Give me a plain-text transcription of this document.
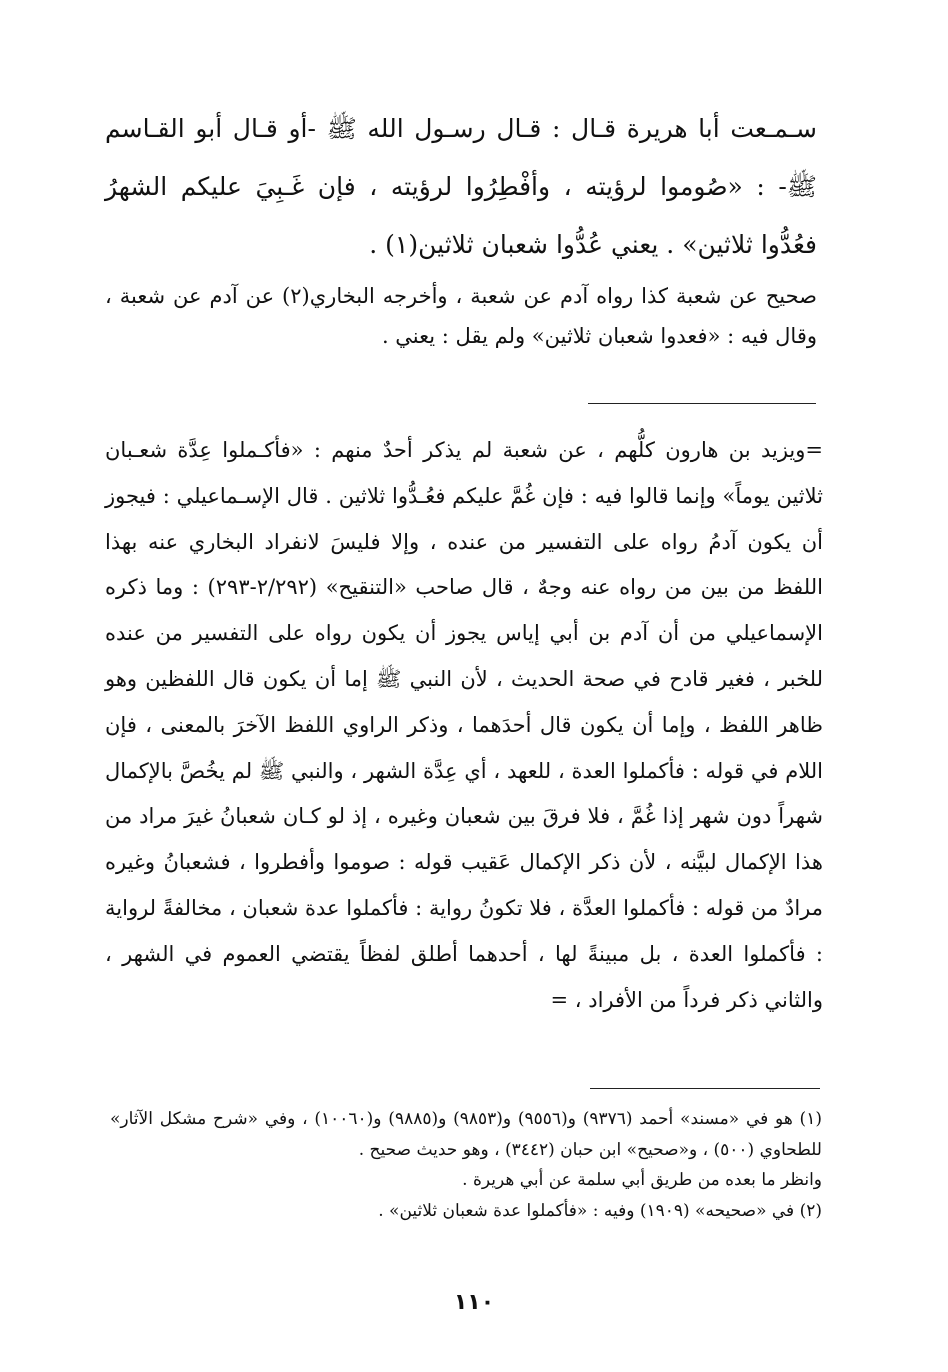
سـمـعت أبا هريرة قـال : قـال رسـول الله ﷺ -أو قـال أبو القـاسم ﷺ- : «صُوموا لرؤيته ، وأفْطِرُوا لرؤيته ، فإن غَـبِيَ عليكم الشهرُ فعُدُّوا ثلاثين» . يعني عُدُّوا شعبان ثلاثين(١) .

صحيح عن شعبة كذا رواه آدم عن شعبة ، وأخرجه البخاري(٢) عن آدم عن شعبة ، وقال فيه : «فعدوا شعبان ثلاثين» ولم يقل : يعني .

=ويزيد بن هارون كلُّهم ، عن شعبة لم يذكر أحدٌ منهم : «فأكـملوا عِدَّة شعـبان ثلاثين يوماً» وإنما قالوا فيه : فإن غُمَّ عليكم فعُـدُّوا ثلاثين . قال الإسـماعيلي : فيجوز أن يكون آدمُ رواه على التفسير من عنده ، وإلا فليسَ لانفراد البخاري عنه بهذا اللفظ من بين من رواه عنه وجهٌ ، قال صاحب «التنقيح» (٢/٢٩٢-٢٩٣) : وما ذكره الإسماعيلي من أن آدم بن أبي إياس يجوز أن يكون رواه على التفسير من عنده للخبر ، فغير قادح في صحة الحديث ، لأن النبي ﷺ إما أن يكون قال اللفظين وهو ظاهر اللفظ ، وإما أن يكون قال أحدَهما ، وذكر الراوي اللفظ الآخرَ بالمعنى ، فإن اللام في قوله : فأكملوا العدة ، للعهد ، أي عِدَّة الشهر ، والنبي ﷺ لم يخُصَّ بالإكمال شهراً دون شهر إذا غُمَّ ، فلا فرقَ بين شعبان وغيره ، إذ لو كـان شعبانُ غيرَ مراد من هذا الإكمال لبيَّنه ، لأن ذكر الإكمال عَقيب قوله : صوموا وأفطروا ، فشعبانُ وغيره مرادٌ من قوله : فأكملوا العدَّة ، فلا تكونُ رواية : فأكملوا عدة شعبان ، مخالفةً لرواية : فأكملوا العدة ، بل مبينةً لها ، أحدهما أطلق لفظاً يقتضي العموم في الشهر ، والثاني ذكر فرداً من الأفراد ، =

(١) هو في «مسند» أحمد (٩٣٧٦) و(٩٥٥٦) و(٩٨٥٣) و(٩٨٨٥) و(١٠٠٦٠) ، وفي «شرح مشكل الآثار» للطحاوي (٥٠٠) ، و«صحيح» ابن حبان (٣٤٤٢) ، وهو حديث صحيح .

وانظر ما بعده من طريق أبي سلمة عن أبي هريرة .

(٢) في «صحيحه» (١٩٠٩) وفيه : «فأكملوا عدة شعبان ثلاثين» .

١١٠
